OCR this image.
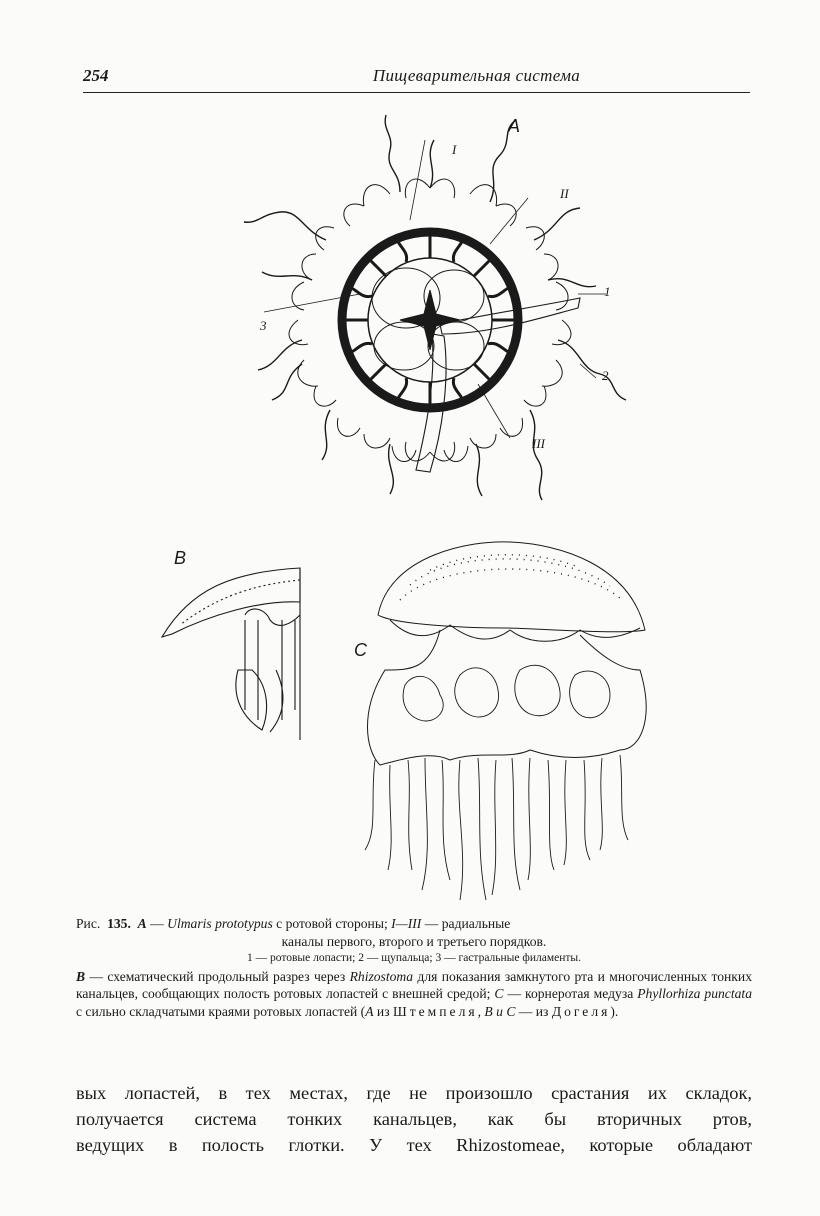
254	Пищеварительная система
A
B
C
I
II
III
1
2
3

Рис. 135. A — Ulmaris prototypus с ротовой стороны; I—III — радиальные

каналы первого, второго и третьего порядков.

1 — ротовые лопасти; 2 — щупальца; 3 — гастральные филаменты.

B — схематический продольный разрез через Rhizostoma для показания замкнутого рта и многочисленных тонких канальцев, сообщающих полость ротовых лопастей с внешней средой; C — корнеротая медуза Phyllorhiza punctata с сильно складчатыми краями ротовых лопастей (A из Штемпеля, B и C — из Догеля).

вых лопастей, в тех местах, где не произошло срастания их складок,

получается система тонких канальцев, как бы вторичных ртов,

ведущих в полость глотки. У тех Rhizostomeae, которые обладают
